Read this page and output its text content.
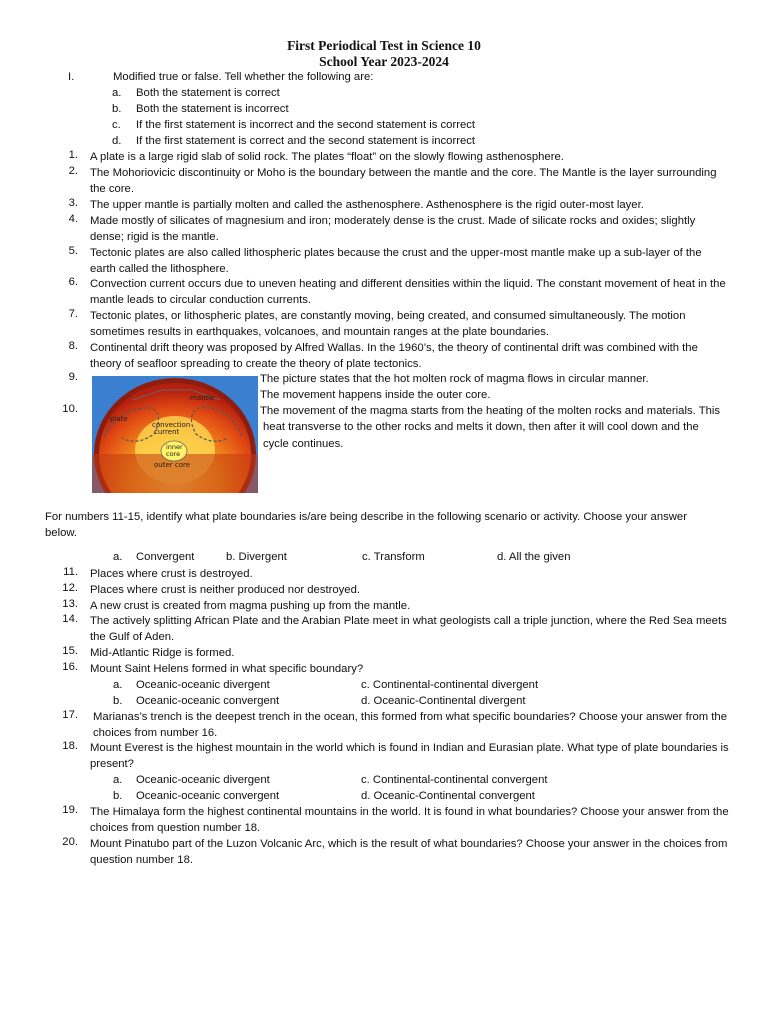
First Periodical Test in Science 10
School Year 2023-2024
I.	Modified true or false. Tell whether the following are:
a. Both the statement is correct
b. Both the statement is incorrect
c. If the first statement is incorrect and the second statement is correct
d. If the first statement is correct and the second statement is incorrect
1. A plate is a large rigid slab of solid rock. The plates “float” on the slowly flowing asthenosphere.
2. The Mohoriovicic discontinuity or Moho is the boundary between the mantle and the core. The Mantle is the layer surrounding the core.
3. The upper mantle is partially molten and called the asthenosphere. Asthenosphere is the rigid outer-most layer.
4. Made mostly of silicates of magnesium and iron; moderately dense is the crust. Made of silicate rocks and oxides; slightly dense; rigid is the mantle.
5. Tectonic plates are also called lithospheric plates because the crust and the upper-most mantle make up a sub-layer of the earth called the lithosphere.
6. Convection current occurs due to uneven heating and different densities within the liquid. The constant movement of heat in the mantle leads to circular conduction currents.
7. Tectonic plates, or lithospheric plates, are constantly moving, being created, and consumed simultaneously. The motion sometimes results in earthquakes, volcanoes, and mountain ranges at the plate boundaries.
8. Continental drift theory was proposed by Alfred Wallas. In the 1960’s, the theory of continental drift was combined with the theory of seafloor spreading to create the theory of plate tectonics.
9.	The picture states that the hot molten rock of magma flows in circular manner.
The movement happens inside the outer core.
10.	The movement of the magma starts from the heating of the molten rocks and materials. This
heat transverse to the other rocks and melts it down, then after it will cool down and the
cycle continues.
mantle
plate
convection
current
inner
core
outer core
For numbers 11-15, identify what plate boundaries is/are being describe in the following scenario or activity. Choose your answer
below.
a. Convergent	b. Divergent	c. Transform	d. All the given
11. Places where crust is destroyed.
12. Places where crust is neither produced nor destroyed.
13. A new crust is created from magma pushing up from the mantle.
14. The actively splitting African Plate and the Arabian Plate meet in what geologists call a triple junction, where the Red Sea meets the Gulf of Aden.
15. Mid-Atlantic Ridge is formed.
16. Mount Saint Helens formed in what specific boundary?
a. Oceanic-oceanic divergent	c. Continental-continental divergent
b. Oceanic-oceanic convergent	d. Oceanic-Continental divergent
17. Marianas’s trench is the deepest trench in the ocean, this formed from what specific boundaries? Choose your answer from the choices from number 16.
18. Mount Everest is the highest mountain in the world which is found in Indian and Eurasian plate. What type of plate boundaries is present?
a. Oceanic-oceanic divergent	c. Continental-continental convergent
b. Oceanic-oceanic convergent	d. Oceanic-Continental convergent
19. The Himalaya form the highest continental mountains in the world. It is found in what boundaries? Choose your answer from the choices from question number 18.
20. Mount Pinatubo part of the Luzon Volcanic Arc, which is the result of what boundaries? Choose your answer in the choices from question number 18.
